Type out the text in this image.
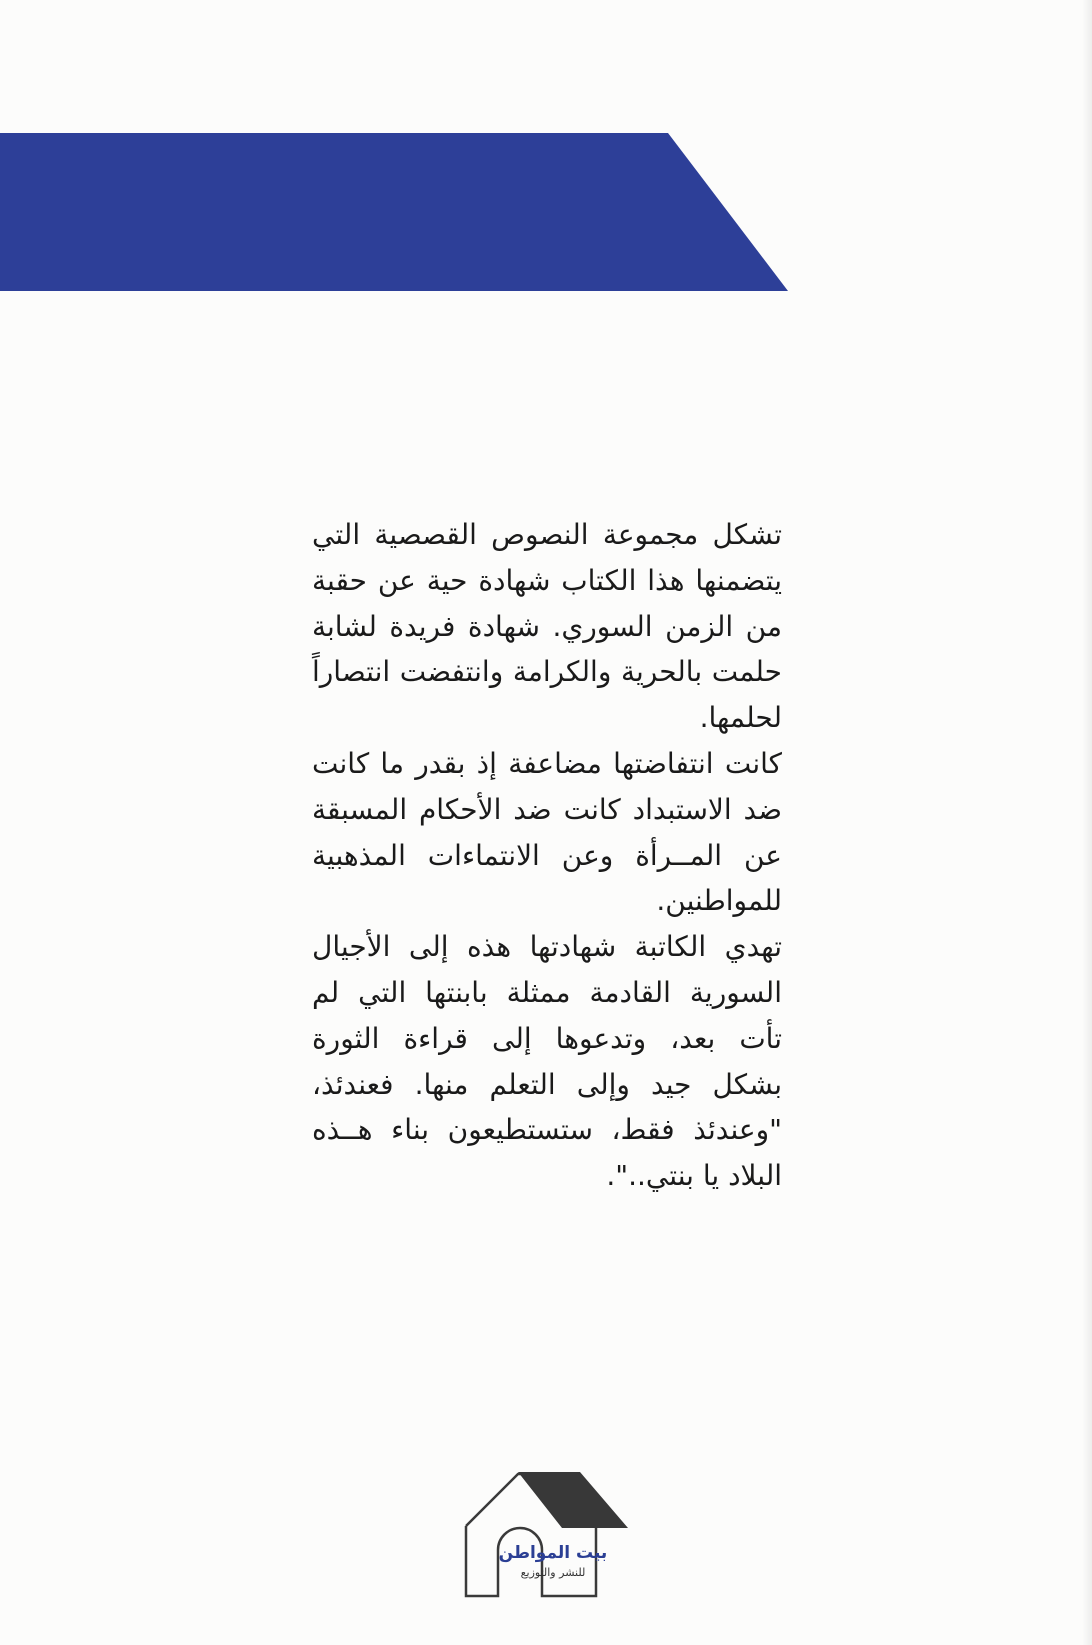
تشكل مجموعة النصوص القصصية التي يتضمنها هذا الكتاب شهادة حية عن حقبة من الزمن السوري. شهادة فريدة لشابة حلمت بالحرية والكرامة وانتفضت انتصاراً لحلمها.

كانت انتفاضتها مضاعفة إذ بقدر ما كانت ضد الاستبداد كانت ضد الأحكام المسبقة عن المــرأة وعن الانتماءات المذهبية للمواطنين.

تهدي الكاتبة شهادتها هذه إلى الأجيال السورية القادمة ممثلة بابنتها التي لم تأت بعد، وتدعوها إلى قراءة الثورة بشكل جيد وإلى التعلم منها. فعندئذ، "وعندئذ فقط، ستستطيعون بناء هــذه البلاد يا بنتي..".

بيت المواطن
للنشر والتوزيع
